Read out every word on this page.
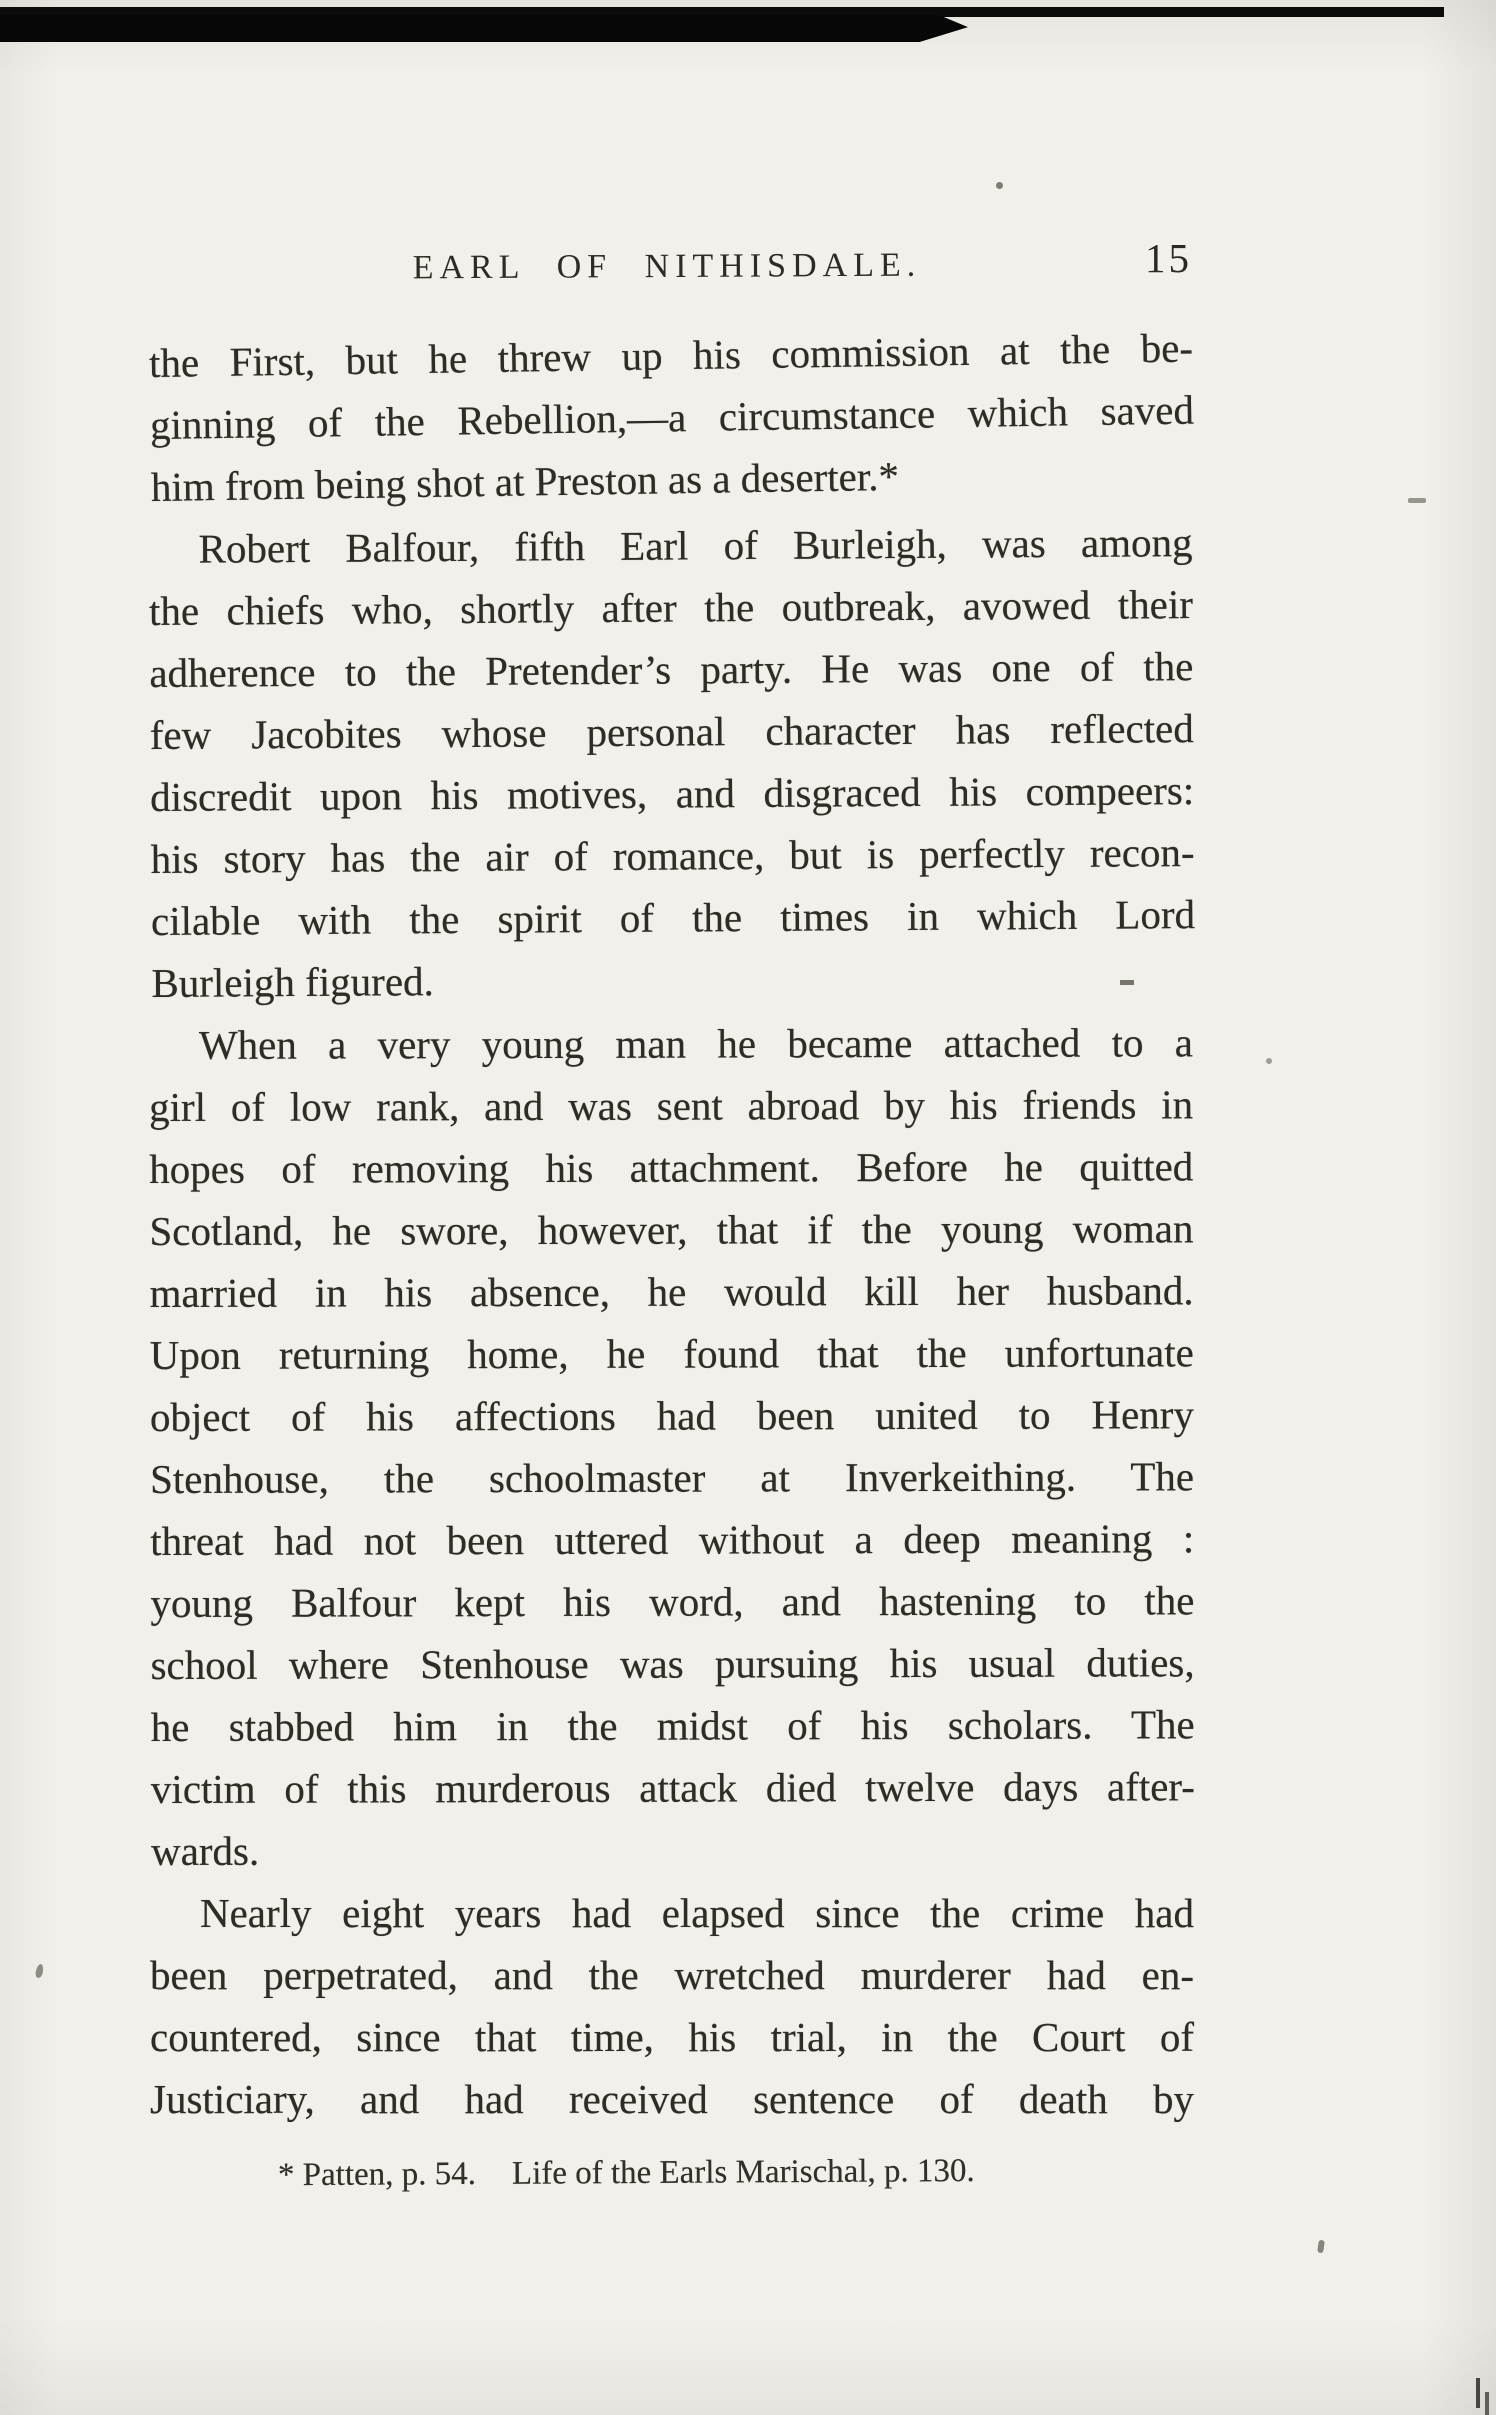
EARL OF NITHISDALE.	15
the First, but he threw up his commission at the be-
ginning of the Rebellion,—a circumstance which saved
him from being shot at Preston as a deserter.*
Robert Balfour, fifth Earl of Burleigh, was among
the chiefs who, shortly after the outbreak, avowed their
adherence to the Pretender’s party. He was one of the
few Jacobites whose personal character has reflected
discredit upon his motives, and disgraced his compeers:
his story has the air of romance, but is perfectly recon-
cilable with the spirit of the times in which Lord
Burleigh figured.
When a very young man he became attached to a
girl of low rank, and was sent abroad by his friends in
hopes of removing his attachment. Before he quitted
Scotland, he swore, however, that if the young woman
married in his absence, he would kill her husband.
Upon returning home, he found that the unfortunate
object of his affections had been united to Henry
Stenhouse, the schoolmaster at Inverkeithing. The
threat had not been uttered without a deep meaning :
young Balfour kept his word, and hastening to the
school where Stenhouse was pursuing his usual duties,
he stabbed him in the midst of his scholars. The
victim of this murderous attack died twelve days after-
wards.
Nearly eight years had elapsed since the crime had
been perpetrated, and the wretched murderer had en-
countered, since that time, his trial, in the Court of
Justiciary, and had received sentence of death by
* Patten, p. 54. Life of the Earls Marischal, p. 130.
